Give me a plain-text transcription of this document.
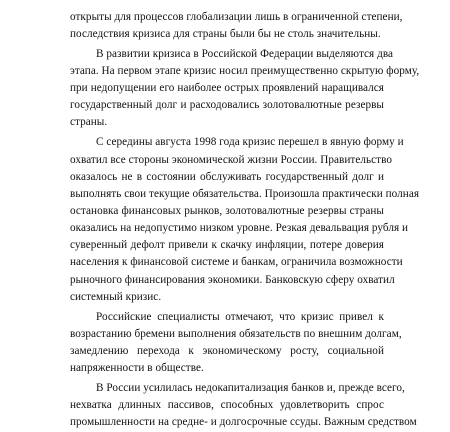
открыты для процессов глобализации лишь в ограниченной степени,
последствия кризиса для страны были бы не столь значительны.
В развитии кризиса в Российской Федерации выделяются два
этапа. На первом этапе кризис носил преимущественно скрытую форму,
при недопущении его наиболее острых проявлений наращивался
государственный долг и расходовались золотовалютные резервы
страны.
С середины августа 1998 года кризис перешел в явную форму и
охватил все стороны экономической жизни России. Правительство
оказалось не в состоянии обслуживать государственный долг и
выполнять свои текущие обязательства. Произошла практически полная
остановка финансовых рынков, золотовалютные резервы страны
оказались на недопустимо низком уровне. Резкая девальвация рубля и
суверенный дефолт привели к скачку инфляции, потере доверия
населения к финансовой системе и банкам, ограничила возможности
рыночного финансирования экономики. Банковскую сферу охватил
системный кризис.
Российские специалисты отмечают, что кризис привел к
возрастанию бремени выполнения обязательств по внешним долгам,
замедлению перехода к экономическому росту, социальной
напряженности в обществе.
В России усилилась недокапитализация банков и, прежде всего,
нехватка длинных пассивов, способных удовлетворить спрос
промышленности на средне- и долгосрочные ссуды. Важным средством
